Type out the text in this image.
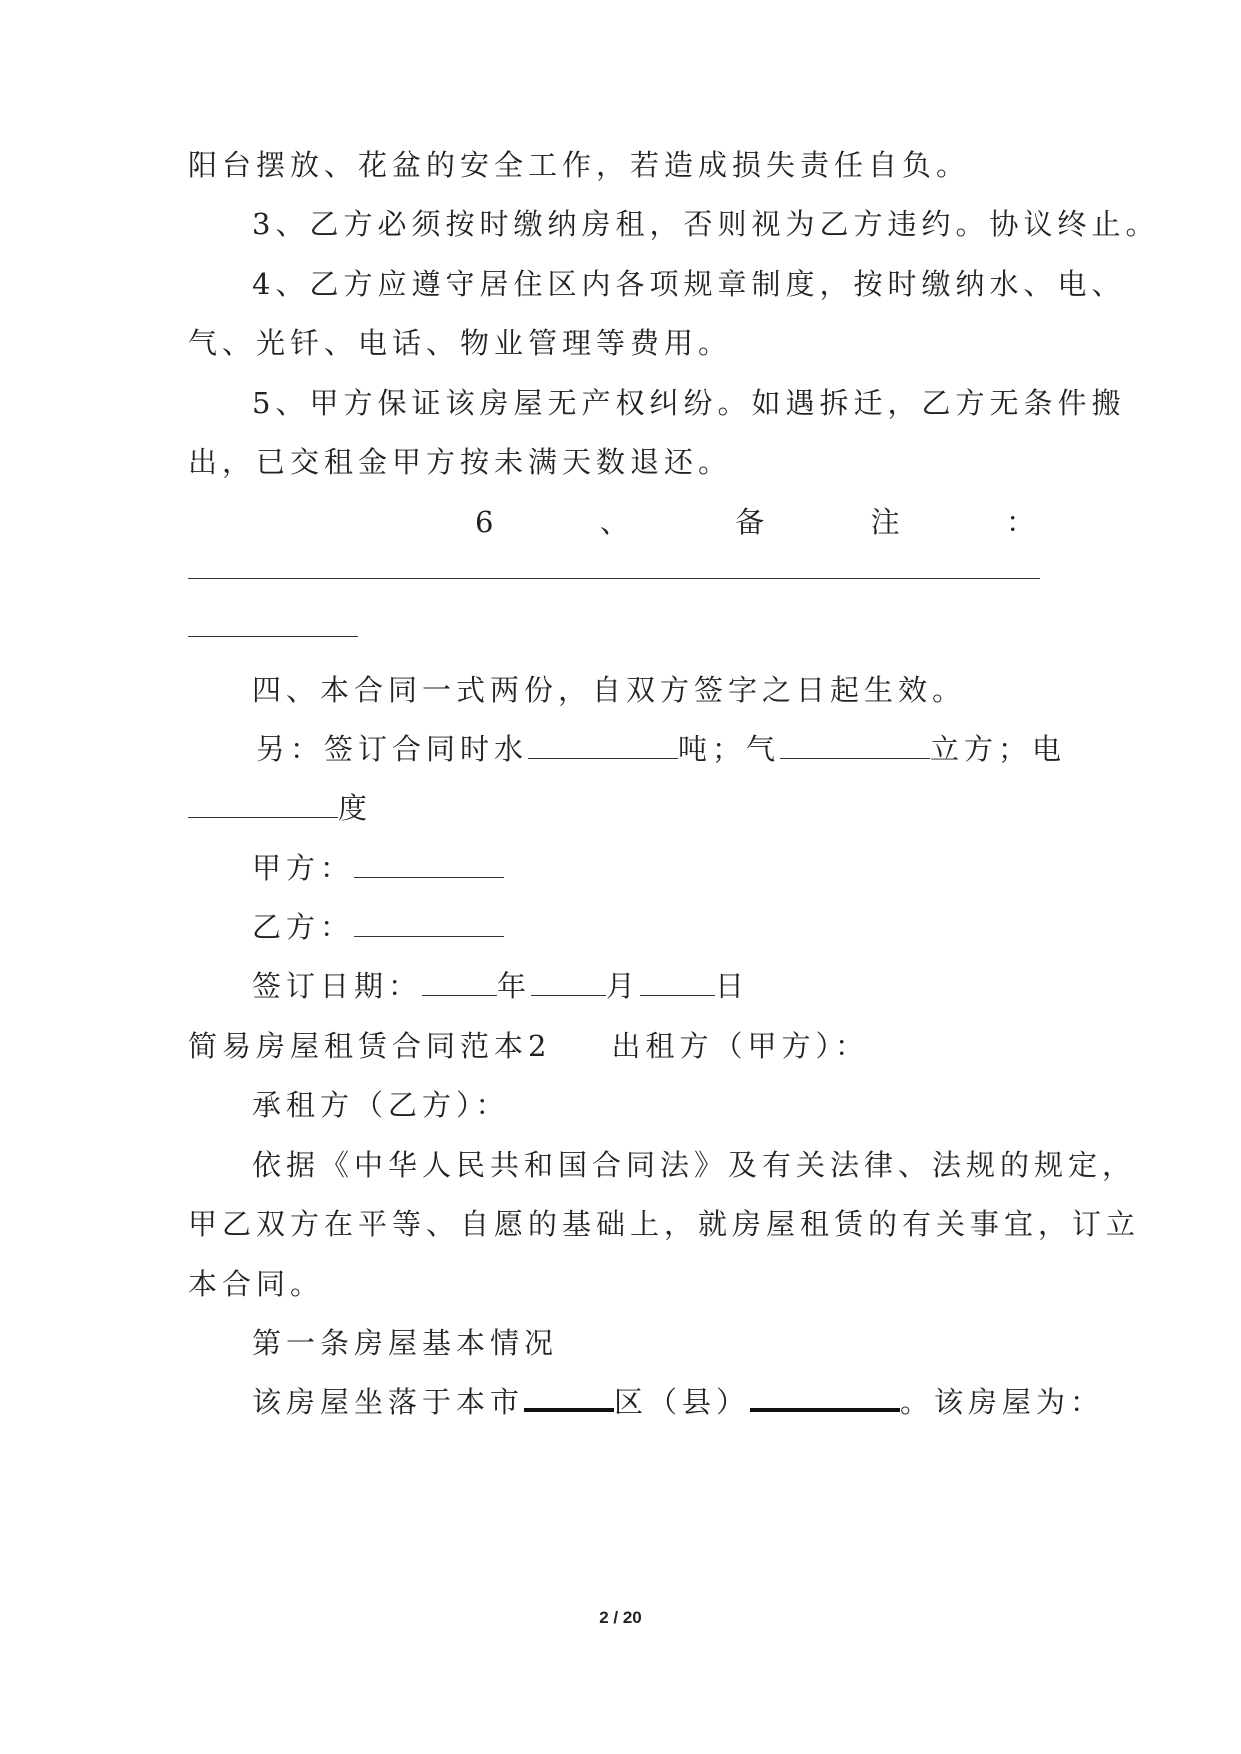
阳台摆放、花盆的安全工作，若造成损失责任自负。
3、乙方必须按时缴纳房租，否则视为乙方违约。协议终止。
4、乙方应遵守居住区内各项规章制度，按时缴纳水、电、
气、光钎、电话、物业管理等费用。
5、甲方保证该房屋无产权纠纷。如遇拆迁，乙方无条件搬
出，已交租金甲方按未满天数退还。
6	、	备	注	：
四、本合同一式两份，自双方签字之日起生效。
另：签订合同时水	吨；气	立方；电
度
甲方：
乙方：
签订日期：	年	月	日
简易房屋租赁合同范本2 出租方（甲方）：
承租方（乙方）：
依据《中华人民共和国合同法》及有关法律、法规的规定，
甲乙双方在平等、自愿的基础上，就房屋租赁的有关事宜，订立
本合同。
第一条房屋基本情况
该房屋坐落于本市	区（县）	。该房屋为：
2 / 20
